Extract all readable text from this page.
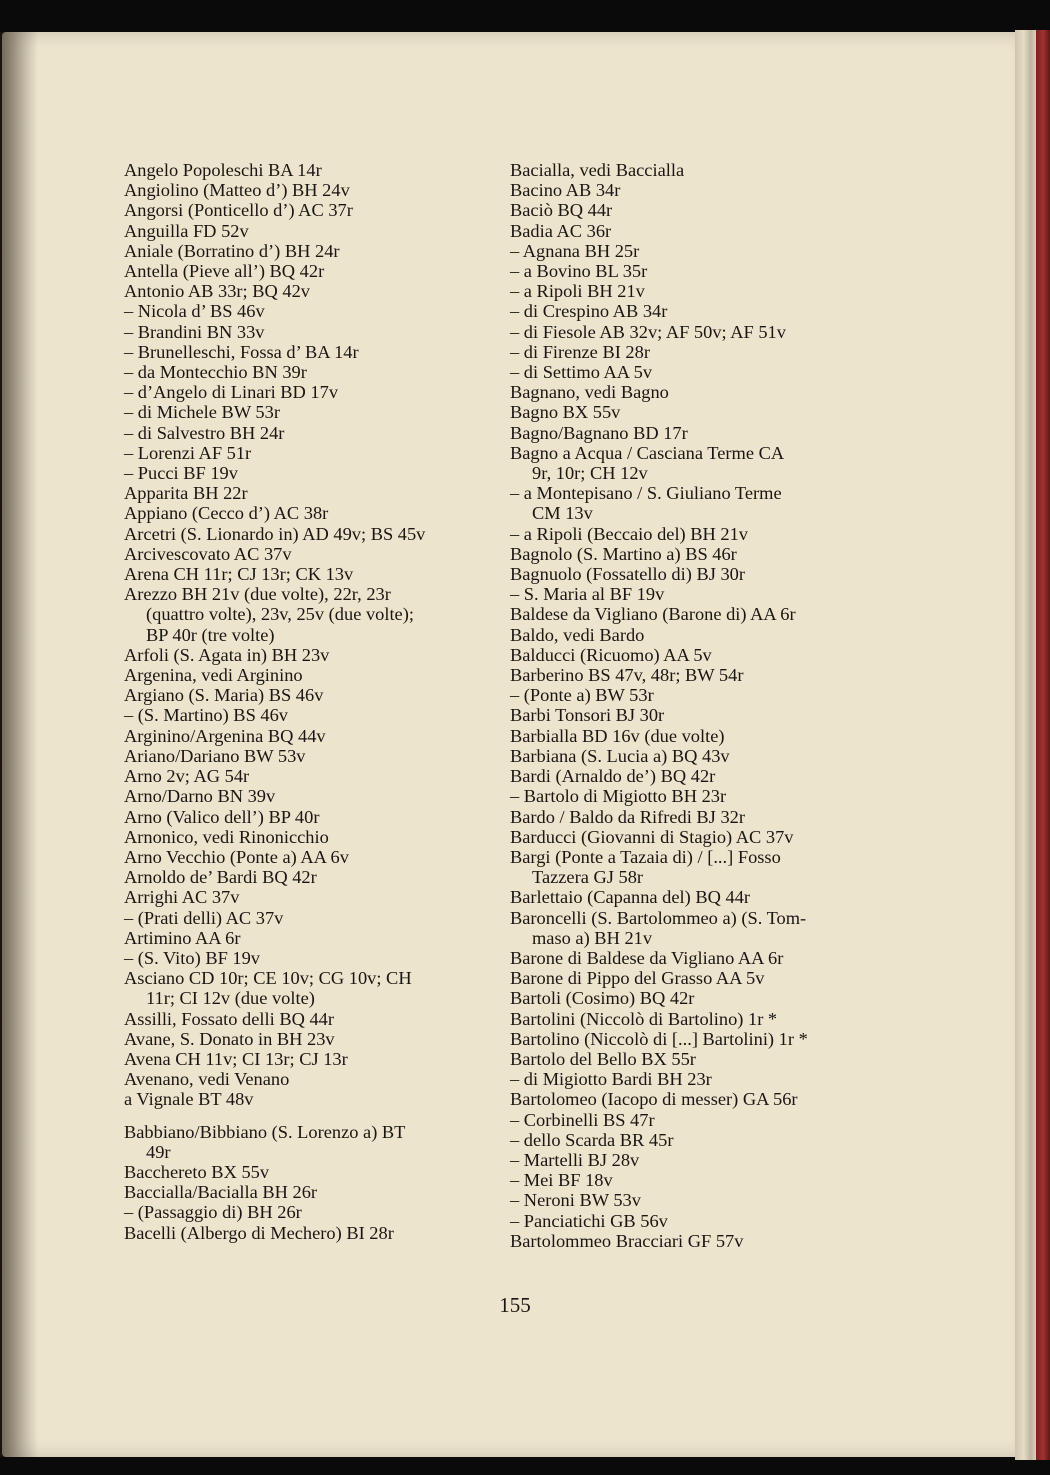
Angelo Popoleschi BA 14r
Angiolino (Matteo d’) BH 24v
Angorsi (Ponticello d’) AC 37r
Anguilla FD 52v
Aniale (Borratino d’) BH 24r
Antella (Pieve all’) BQ 42r
Antonio AB 33r; BQ 42v
– Nicola d’ BS 46v
– Brandini BN 33v
– Brunelleschi, Fossa d’ BA 14r
– da Montecchio BN 39r
– d’Angelo di Linari BD 17v
– di Michele BW 53r
– di Salvestro BH 24r
– Lorenzi AF 51r
– Pucci BF 19v
Apparita BH 22r
Appiano (Cecco d’) AC 38r
Arcetri (S. Lionardo in) AD 49v; BS 45v
Arcivescovato AC 37v
Arena CH 11r; CJ 13r; CK 13v
Arezzo BH 21v (due volte), 22r, 23r
(quattro volte), 23v, 25v (due volte);
BP 40r (tre volte)
Arfoli (S. Agata in) BH 23v
Argenina, vedi Arginino
Argiano (S. Maria) BS 46v
– (S. Martino) BS 46v
Arginino/Argenina BQ 44v
Ariano/Dariano BW 53v
Arno 2v; AG 54r
Arno/Darno BN 39v
Arno (Valico dell’) BP 40r
Arnonico, vedi Rinonicchio
Arno Vecchio (Ponte a) AA 6v
Arnoldo de’ Bardi BQ 42r
Arrighi AC 37v
– (Prati delli) AC 37v
Artimino AA 6r
– (S. Vito) BF 19v
Asciano CD 10r; CE 10v; CG 10v; CH
11r; CI 12v (due volte)
Assilli, Fossato delli BQ 44r
Avane, S. Donato in BH 23v
Avena CH 11v; CI 13r; CJ 13r
Avenano, vedi Venano
a Vignale BT 48v
Babbiano/Bibbiano (S. Lorenzo a) BT
49r
Bacchereto BX 55v
Baccialla/Bacialla BH 26r
– (Passaggio di) BH 26r
Bacelli (Albergo di Mechero) BI 28r
Bacialla, vedi Baccialla
Bacino AB 34r
Baciò BQ 44r
Badia AC 36r
– Agnana BH 25r
– a Bovino BL 35r
– a Ripoli BH 21v
– di Crespino AB 34r
– di Fiesole AB 32v; AF 50v; AF 51v
– di Firenze BI 28r
– di Settimo AA 5v
Bagnano, vedi Bagno
Bagno BX 55v
Bagno/Bagnano BD 17r
Bagno a Acqua / Casciana Terme CA
9r, 10r; CH 12v
– a Montepisano / S. Giuliano Terme
CM 13v
– a Ripoli (Beccaio del) BH 21v
Bagnolo (S. Martino a) BS 46r
Bagnuolo (Fossatello di) BJ 30r
– S. Maria al BF 19v
Baldese da Vigliano (Barone di) AA 6r
Baldo, vedi Bardo
Balducci (Ricuomo) AA 5v
Barberino BS 47v, 48r; BW 54r
– (Ponte a) BW 53r
Barbi Tonsori BJ 30r
Barbialla BD 16v (due volte)
Barbiana (S. Lucia a) BQ 43v
Bardi (Arnaldo de’) BQ 42r
– Bartolo di Migiotto BH 23r
Bardo / Baldo da Rifredi BJ 32r
Barducci (Giovanni di Stagio) AC 37v
Bargi (Ponte a Tazaia di) / [...] Fosso
Tazzera GJ 58r
Barlettaio (Capanna del) BQ 44r
Baroncelli (S. Bartolommeo a) (S. Tom-
maso a) BH 21v
Barone di Baldese da Vigliano AA 6r
Barone di Pippo del Grasso AA 5v
Bartoli (Cosimo) BQ 42r
Bartolini (Niccolò di Bartolino) 1r *
Bartolino (Niccolò di [...] Bartolini) 1r *
Bartolo del Bello BX 55r
– di Migiotto Bardi BH 23r
Bartolomeo (Iacopo di messer) GA 56r
– Corbinelli BS 47r
– dello Scarda BR 45r
– Martelli BJ 28v
– Mei BF 18v
– Neroni BW 53v
– Panciatichi GB 56v
Bartolommeo Bracciari GF 57v
155
